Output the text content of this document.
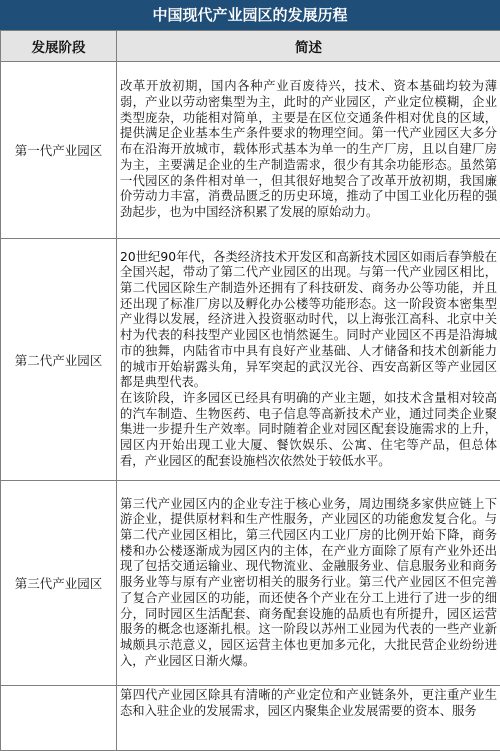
中国现代产业园区的发展历程
发展阶段	简述
第一代产业园区	改革开放初期，国内各种产业百废待兴，技术、资本基础均较为薄弱，产业以劳动密集型为主，此时的产业园区，产业定位模糊，企业类型庞杂，功能相对简单，主要是在区位交通条件相对优良的区域，提供满足企业基本生产条件要求的物理空间。第一代产业园区大多分布在沿海开放城市，载体形式基本为单一的生产厂房，且以自建厂房为主，主要满足企业的生产制造需求，很少有其余功能形态。虽然第一代园区的条件相对单一，但其很好地契合了改革开放初期，我国廉价劳动力丰富，消费品匮乏的历史环境，推动了中国工业化历程的强劲起步，也为中国经济积累了发展的原始动力。

第二代产业园区	20世纪90年代，各类经济技术开发区和高新技术园区如雨后春笋般在全国兴起，带动了第二代产业园区的出现。与第一代产业园区相比，第二代园区除生产制造外还拥有了科技研发、商务办公等功能，并且还出现了标准厂房以及孵化办公楼等功能形态。这一阶段资本密集型产业得以发展，经济进入投资驱动时代，以上海张江高科、北京中关村为代表的科技型产业园区也悄然诞生。同时产业园区不再是沿海城市的独舞，内陆省市中具有良好产业基础、人才储备和技术创新能力的城市开始崭露头角，异军突起的武汉光谷、西安高新区等产业园区都是典型代表。

在该阶段，许多园区已经具有明确的产业主题，如技术含量相对较高的汽车制造、生物医药、电子信息等高新技术产业，通过同类企业聚集进一步提升生产效率。同时随着企业对园区配套设施需求的上升，园区内开始出现工业大厦、餐饮娱乐、公寓、住宅等产品，但总体看，产业园区的配套设施档次依然处于较低水平。

第三代产业园区	第三代产业园区内的企业专注于核心业务，周边围绕多家供应链上下游企业，提供原材料和生产性服务，产业园区的功能愈发复合化。与第二代产业园区相比，第三代园区内工业厂房的比例开始下降，商务楼和办公楼逐渐成为园区内的主体，在产业方面除了原有产业外还出现了包括交通运输业、现代物流业、金融服务业、信息服务业和商务服务业等与原有产业密切相关的服务行业。第三代产业园区不但完善了复合产业园区的功能，而还使各个产业在分工上进行了进一步的细分，同时园区生活配套、商务配套设施的品质也有所提升，园区运营服务的概念也逐渐扎根。这一阶段以苏州工业园为代表的一些产业新城颇具示范意义，园区运营主体也更加多元化，大批民营企业纷纷进入，产业园区日渐火爆。

	第四代产业园区除具有清晰的产业定位和产业链条外，更注重产业生态和入驻企业的发展需求，园区内聚集企业发展需要的资本、服务
